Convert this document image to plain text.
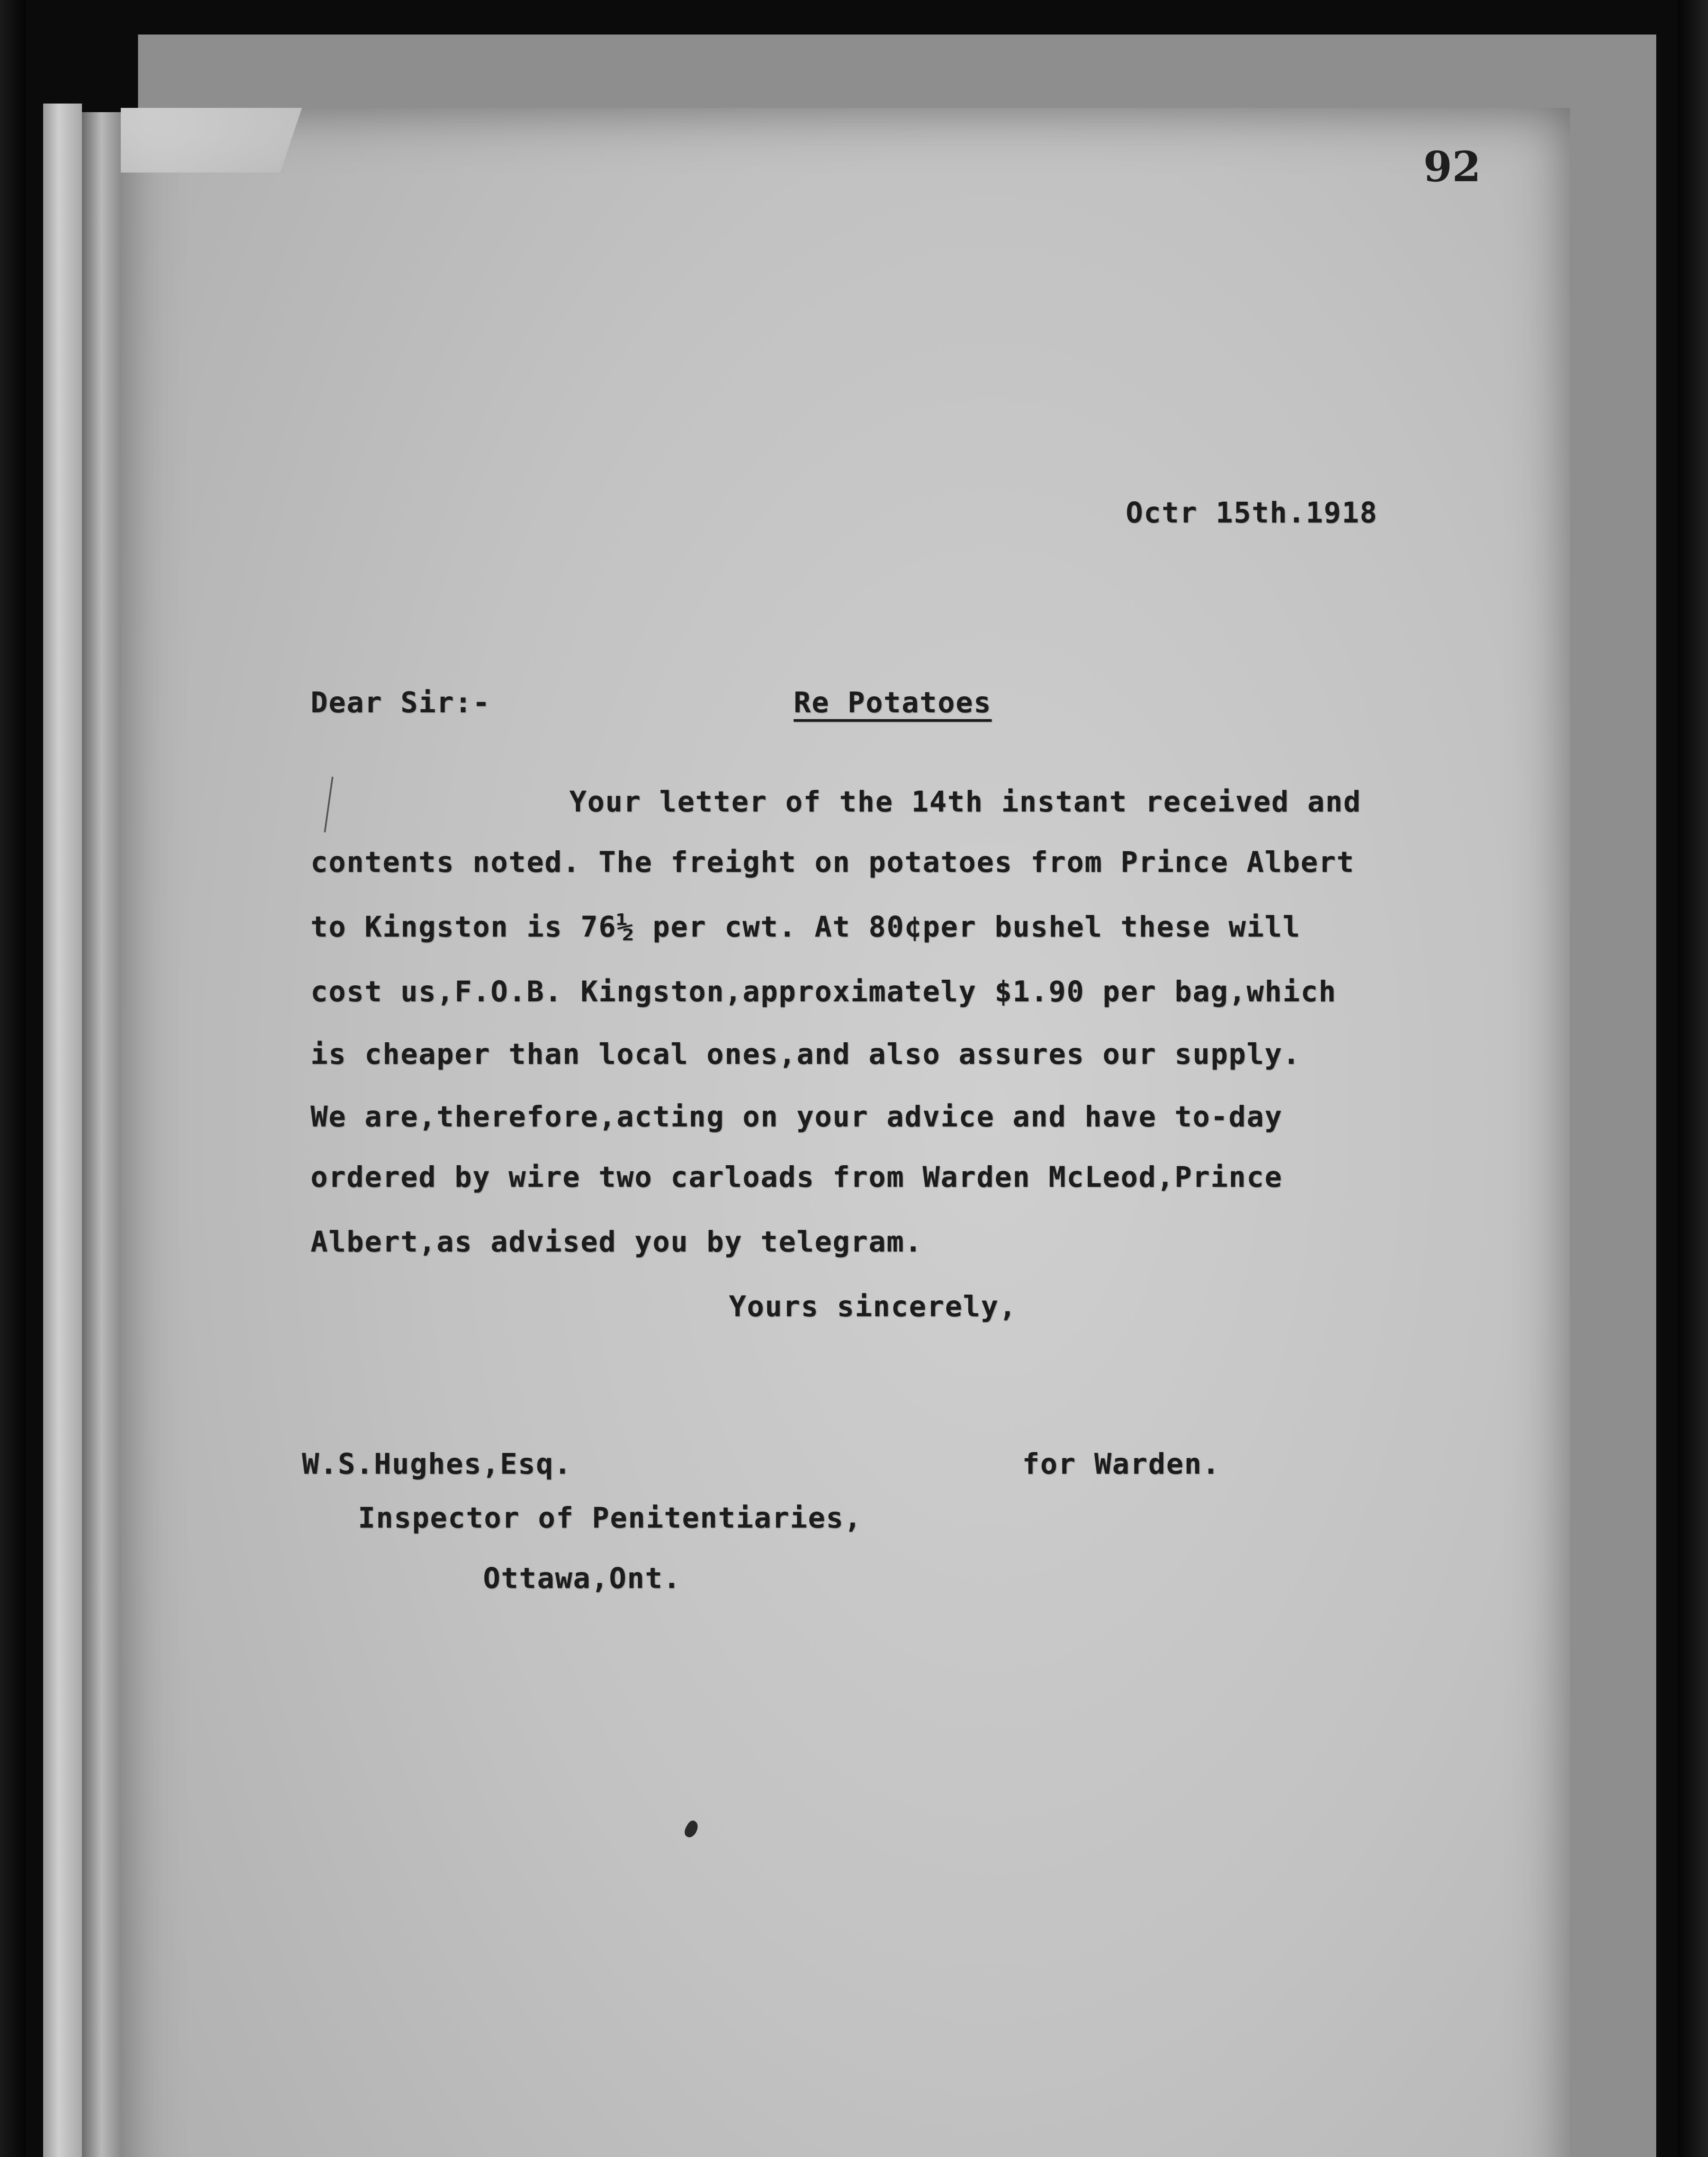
92
Octr 15th.1918
Dear Sir:-	Re Potatoes
Your letter of the 14th instant received and
contents noted. The freight on potatoes from Prince Albert
to Kingston is 76½ per cwt. At 80¢per bushel these will
cost us,F.O.B. Kingston,approximately $1.90 per bag,which
is cheaper than local ones,and also assures our supply.
We are,therefore,acting on your advice and have to-day
ordered by wire two carloads from Warden McLeod,Prince
Albert,as advised you by telegram.
Yours sincerely,
W.S.Hughes,Esq.	for Warden.
Inspector of Penitentiaries,
Ottawa,Ont.
